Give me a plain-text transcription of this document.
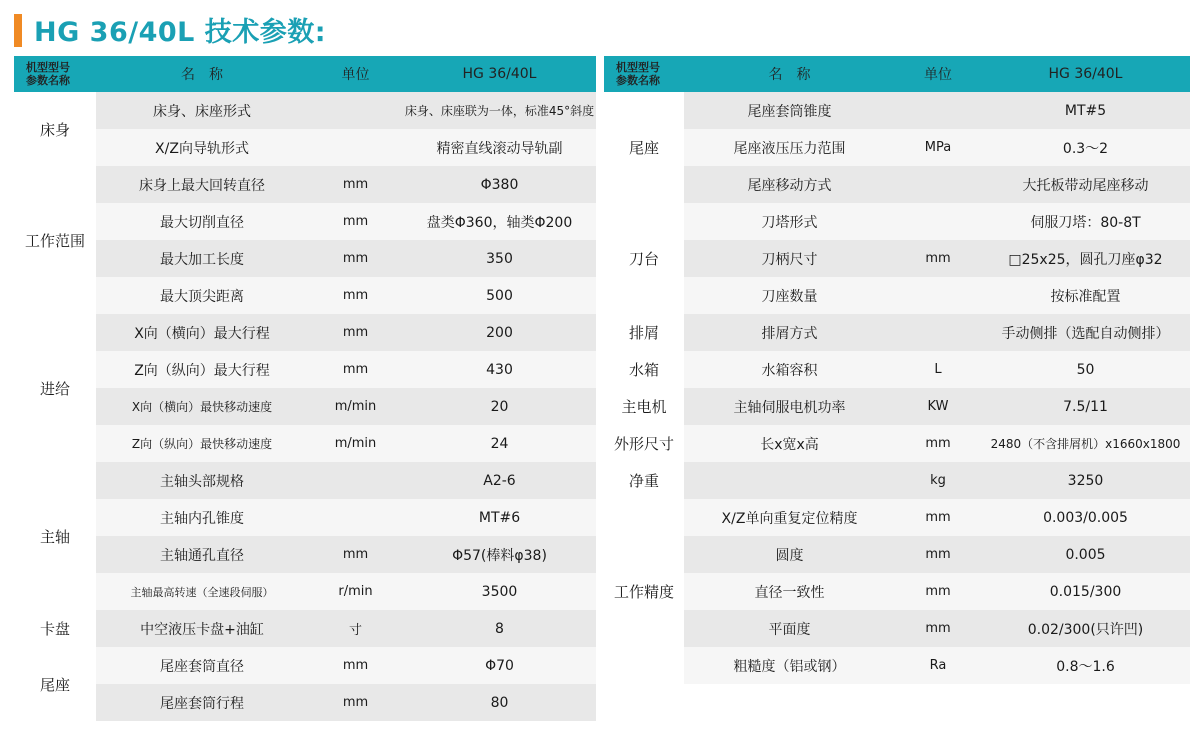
HG 36/40L 技术参数:
机型型号
参数名称	名　称	单位	HG 36/40L
床身	床身、床座形式		床身、床座联为一体，标准45°斜度
	X/Z向导轨形式		精密直线滚动导轨副
工作范围	床身上最大回转直径	mm	Φ380
	最大切削直径	mm	盘类Φ360，轴类Φ200
	最大加工长度	mm	350
	最大顶尖距离	mm	500
进给	X向（横向）最大行程	mm	200
	Z向（纵向）最大行程	mm	430
	X向（横向）最快移动速度	m/min	20
	Z向（纵向）最快移动速度	m/min	24
主轴	主轴头部规格		A2-6
	主轴内孔锥度		MT#6
	主轴通孔直径	mm	Φ57(棒料φ38)
	主轴最高转速（全速段伺服）	r/min	3500
卡盘	中空液压卡盘+油缸	寸	8
尾座	尾座套筒直径	mm	Φ70
	尾座套筒行程	mm	80
机型型号
参数名称	名　称	单位	HG 36/40L
尾座	尾座套筒锥度		MT#5
	尾座液压压力范围	MPa	0.3～2
	尾座移动方式		大托板带动尾座移动
刀台	刀塔形式		伺服刀塔：80-8T
	刀柄尺寸	mm	□25x25，圆孔刀座φ32
	刀座数量		按标准配置
排屑	排屑方式		手动侧排（选配自动侧排）
水箱	水箱容积	L	50
主电机	主轴伺服电机功率	KW	7.5/11
外形尺寸	长x宽x高	mm	2480（不含排屑机）x1660x1800
净重		kg	3250
工作精度	X/Z单向重复定位精度	mm	0.003/0.005
	圆度	mm	0.005
	直径一致性	mm	0.015/300
	平面度	mm	0.02/300(只许凹)
	粗糙度（铝或钢）	Ra	0.8～1.6
